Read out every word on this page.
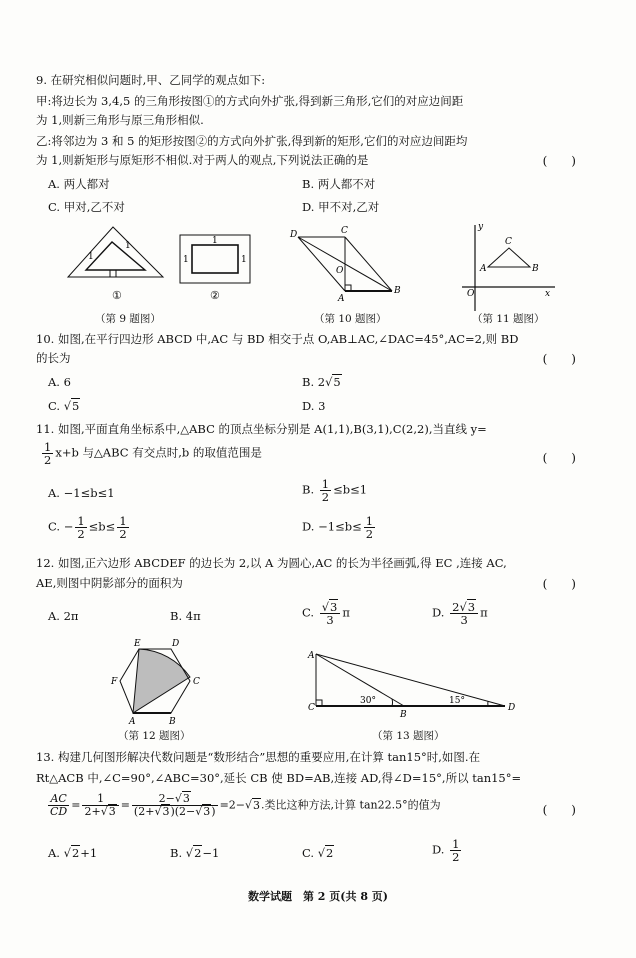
9. 在研究相似问题时,甲、乙同学的观点如下:
甲:将边长为 3,4,5 的三角形按图①的方式向外扩张,得到新三角形,它们的对应边间距
为 1,则新三角形与原三角形相似.
乙:将邻边为 3 和 5 的矩形按图②的方式向外扩张,得到新的矩形,它们的对应边间距均
为 1,则新矩形与原矩形不相似.对于两人的观点,下列说法正确的是	(　　)
A. 两人都对	B. 两人都不对
C. 甲对,乙不对	D. 甲不对,乙对
1
1
①
1
1	1
②
D	C
O
A
B
y
x
O
A	B
C
（第 9 题图）	（第 10 题图）	（第 11 题图）
10. 如图,在平行四边形 ABCD 中,AC 与 BD 相交于点 O,AB⊥AC,∠DAC=45°,AC=2,则 BD
的长为	(　　)
A. 6	B. 2√5
C. √5	D. 3
11. 如图,平面直角坐标系中,△ABC 的顶点坐标分别是 A(1,1),B(3,1),C(2,2),当直线 y=
$\frac{1}{2} x+b$ 与△ABC 有交点时,b 的取值范围是	(　　)
A. −1≤b≤1	B. $\frac{1}{2} \le b\le 1$
C. − $\frac{1}{2} \le b\le \frac{1}{2}$	D. $-1\le b\le \frac{1}{2}$
12. 如图,正六边形 ABCDEF 的边长为 2,以 A 为圆心,AC 的长为半径画弧,得 EC ,连接 AC,
AE,则图中阴影部分的面积为	(　　)
A. 2π	B. 4π	C. $\frac{√3}{3}$ π	D. $\frac{2√3}{3}$ π
A	B
C
D
E
F
A
C
B
D
30°	15°
（第 12 题图）	（第 13 题图）
13. 构建几何图形解决代数问题是“数形结合”思想的重要应用,在计算 tan15°时,如图.在
Rt△ACB 中,∠C=90°,∠ABC=30°,延长 CB 使 BD=AB,连接 AD,得∠D=15°,所以 tan15°=
$\frac{AC}{CD} = \frac{1}{2+√3} = \frac{2-√3}{(2+√3)(2-√3)} =2-√3$.类比这种方法,计算 tan22.5°的值为	(　　)
A. √2+1	B. √2−1	C. √2	D. $\frac{1}{2}$
数学试题　第 2 页(共 8 页)
